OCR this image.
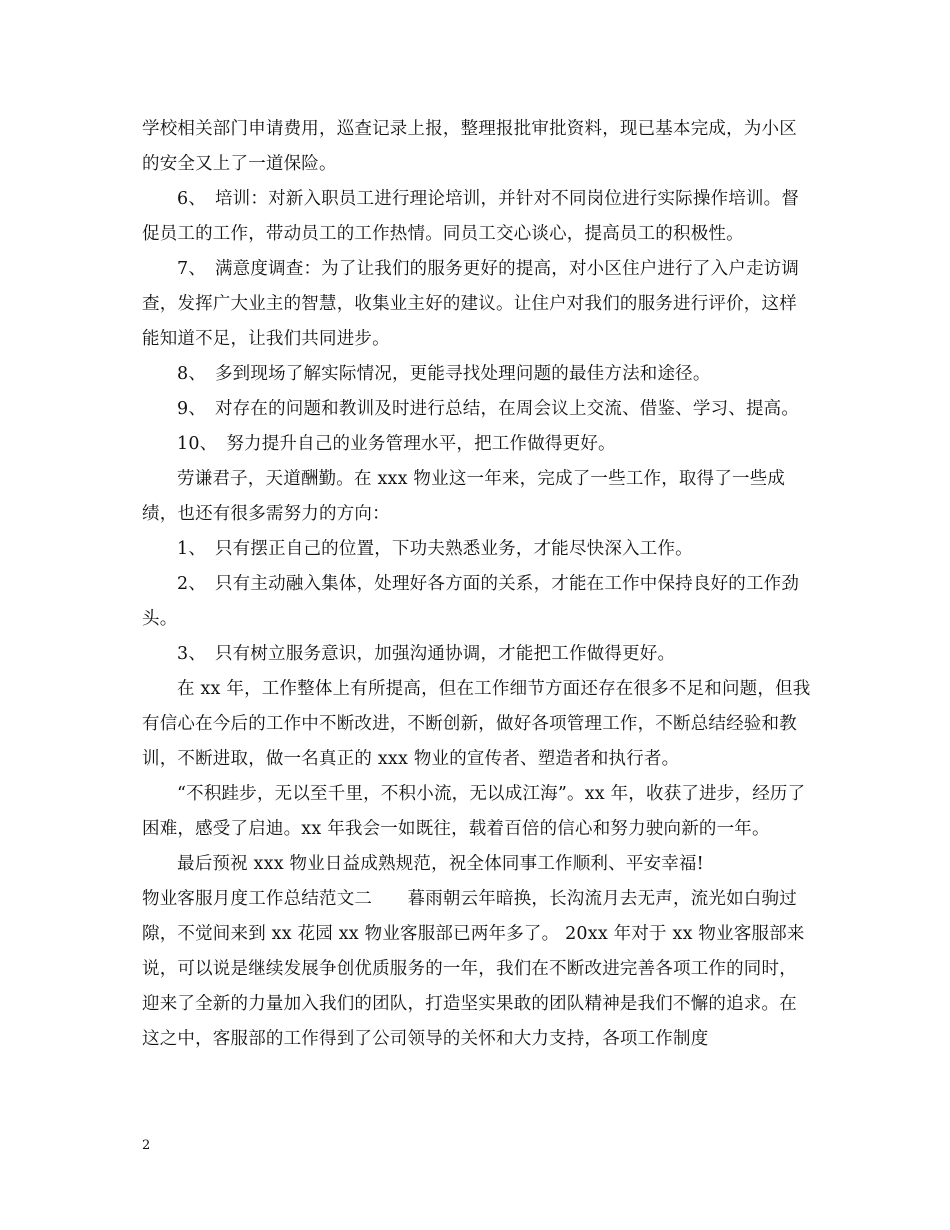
学校相关部门申请费用，巡查记录上报，整理报批审批资料，现已基本完成，为小区的安全又上了一道保险。

6、　培训：对新入职员工进行理论培训，并针对不同岗位进行实际操作培训。督促员工的工作，带动员工的工作热情。同员工交心谈心，提高员工的积极性。

7、　满意度调查：为了让我们的服务更好的提高，对小区住户进行了入户走访调查，发挥广大业主的智慧，收集业主好的建议。让住户对我们的服务进行评价，这样能知道不足，让我们共同进步。

8、　多到现场了解实际情况，更能寻找处理问题的最佳方法和途径。

9、　对存在的问题和教训及时进行总结，在周会议上交流、借鉴、学习、提高。

10、　努力提升自己的业务管理水平，把工作做得更好。

劳谦君子，天道酬勤。在 xxx 物业这一年来，完成了一些工作，取得了一些成绩，也还有很多需努力的方向：

1、　只有摆正自己的位置，下功夫熟悉业务，才能尽快深入工作。

2、　只有主动融入集体，处理好各方面的关系，才能在工作中保持良好的工作劲头。

3、　只有树立服务意识，加强沟通协调，才能把工作做得更好。

在 xx 年，工作整体上有所提高，但在工作细节方面还存在很多不足和问题，但我有信心在今后的工作中不断改进，不断创新，做好各项管理工作，不断总结经验和教训，不断进取，做一名真正的 xxx 物业的宣传者、塑造者和执行者。

“不积跬步，无以至千里，不积小流，无以成江海”。xx 年，收获了进步，经历了困难，感受了启迪。xx 年我会一如既往，载着百倍的信心和努力驶向新的一年。

最后预祝 xxx 物业日益成熟规范，祝全体同事工作顺利、平安幸福!

物业客服月度工作总结范文二　　暮雨朝云年暗换，长沟流月去无声，流光如白驹过隙，不觉间来到 xx 花园 xx 物业客服部已两年多了。 20xx 年对于 xx 物业客服部来说，可以说是继续发展争创优质服务的一年，我们在不断改进完善各项工作的同时，迎来了全新的力量加入我们的团队，打造坚实果敢的团队精神是我们不懈的追求。在这之中，客服部的工作得到了公司领导的关怀和大力支持，各项工作制度

2
